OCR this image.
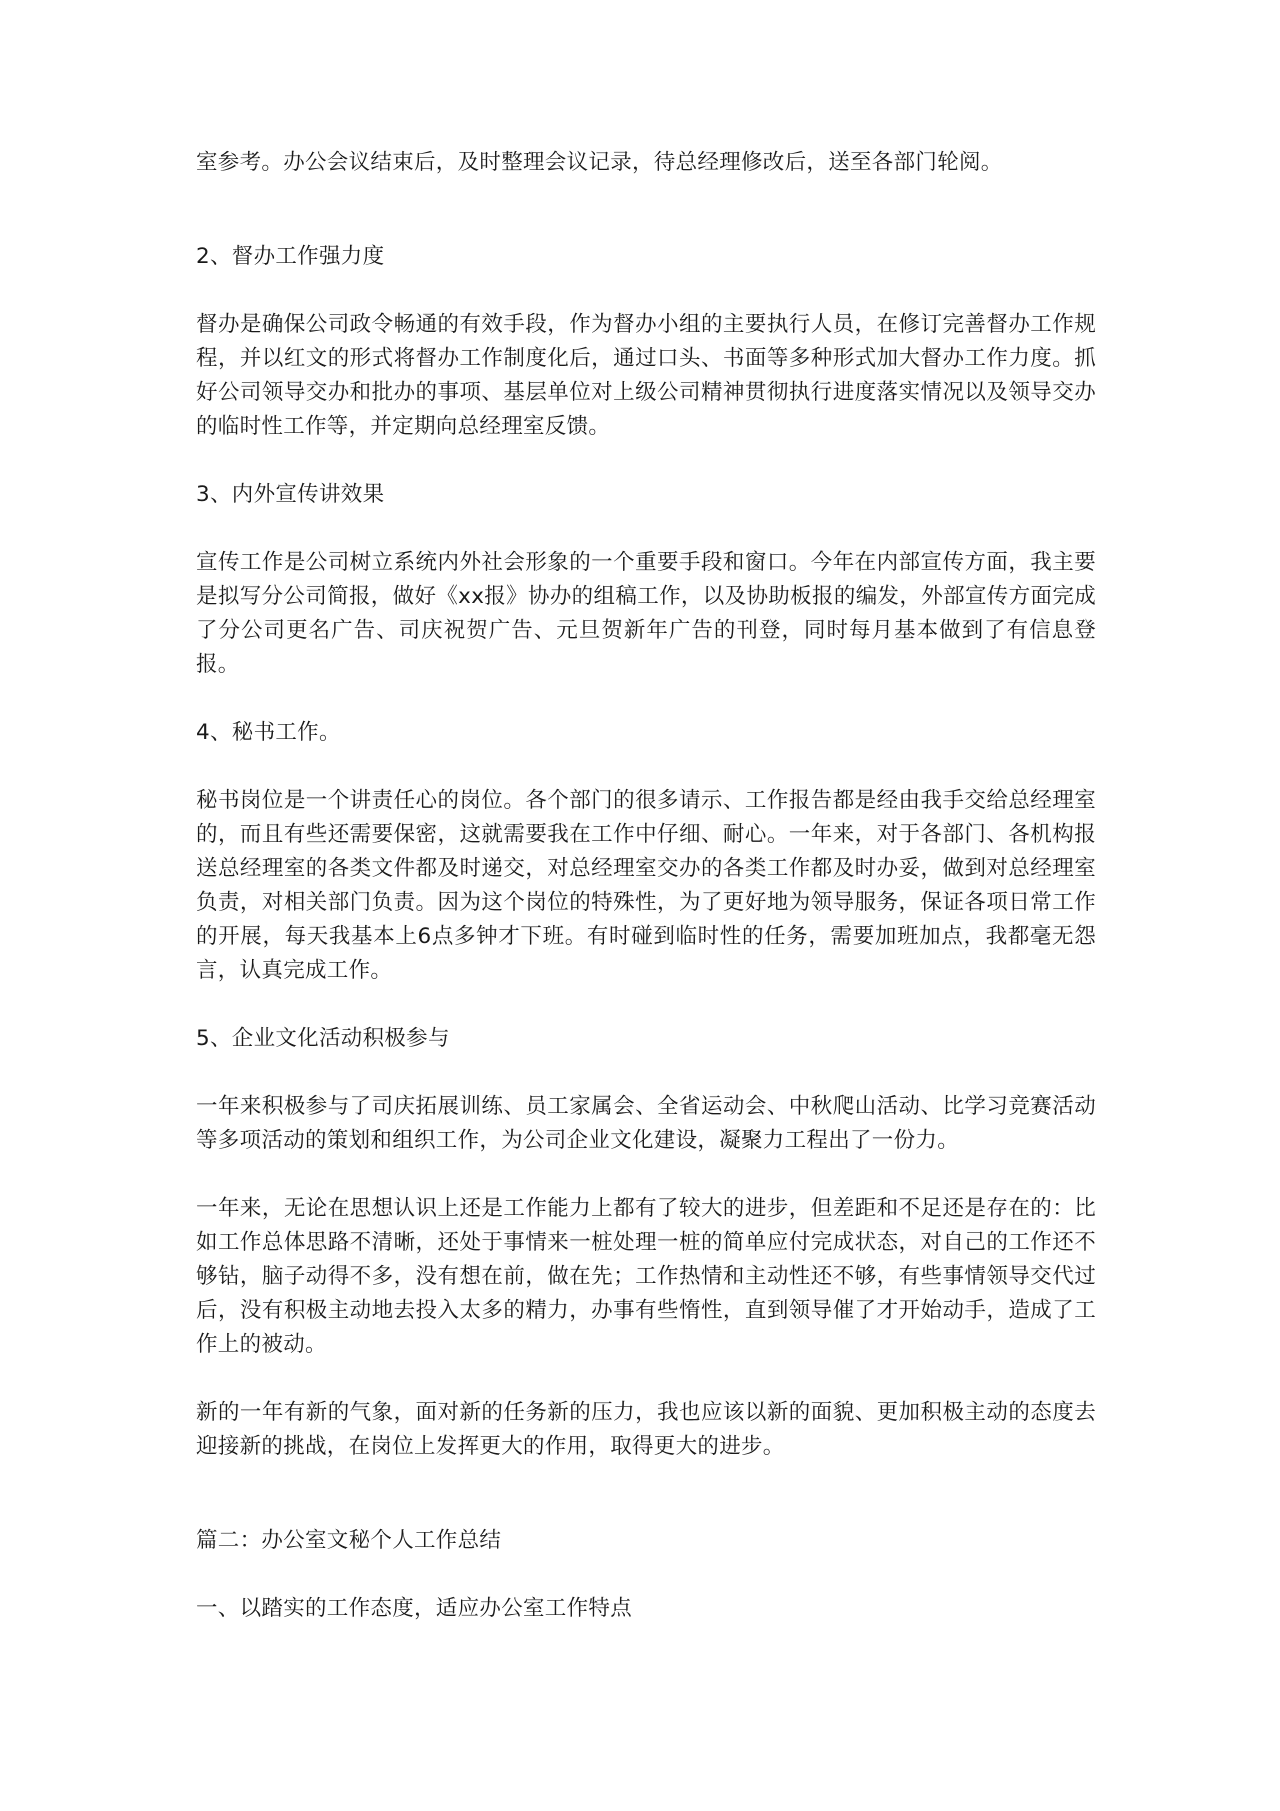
室参考。办公会议结束后，及时整理会议记录，待总经理修改后，送至各部门轮阅。

2、督办工作强力度

督办是确保公司政令畅通的有效手段，作为督办小组的主要执行人员，在修订完善督办工作规程，并以红文的形式将督办工作制度化后，通过口头、书面等多种形式加大督办工作力度。抓好公司领导交办和批办的事项、基层单位对上级公司精神贯彻执行进度落实情况以及领导交办的临时性工作等，并定期向总经理室反馈。

3、内外宣传讲效果

宣传工作是公司树立系统内外社会形象的一个重要手段和窗口。今年在内部宣传方面，我主要是拟写分公司简报，做好《xx报》协办的组稿工作，以及协助板报的编发，外部宣传方面完成了分公司更名广告、司庆祝贺广告、元旦贺新年广告的刊登，同时每月基本做到了有信息登报。

4、秘书工作。

秘书岗位是一个讲责任心的岗位。各个部门的很多请示、工作报告都是经由我手交给总经理室的，而且有些还需要保密，这就需要我在工作中仔细、耐心。一年来，对于各部门、各机构报送总经理室的各类文件都及时递交，对总经理室交办的各类工作都及时办妥，做到对总经理室负责，对相关部门负责。因为这个岗位的特殊性，为了更好地为领导服务，保证各项日常工作的开展，每天我基本上6点多钟才下班。有时碰到临时性的任务，需要加班加点，我都毫无怨言，认真完成工作。

5、企业文化活动积极参与

一年来积极参与了司庆拓展训练、员工家属会、全省运动会、中秋爬山活动、比学习竞赛活动等多项活动的策划和组织工作，为公司企业文化建设，凝聚力工程出了一份力。

一年来，无论在思想认识上还是工作能力上都有了较大的进步，但差距和不足还是存在的：比如工作总体思路不清晰，还处于事情来一桩处理一桩的简单应付完成状态，对自己的工作还不够钻，脑子动得不多，没有想在前，做在先；工作热情和主动性还不够，有些事情领导交代过后，没有积极主动地去投入太多的精力，办事有些惰性，直到领导催了才开始动手，造成了工作上的被动。

新的一年有新的气象，面对新的任务新的压力，我也应该以新的面貌、更加积极主动的态度去迎接新的挑战，在岗位上发挥更大的作用，取得更大的进步。

篇二：办公室文秘个人工作总结

一、以踏实的工作态度，适应办公室工作特点
